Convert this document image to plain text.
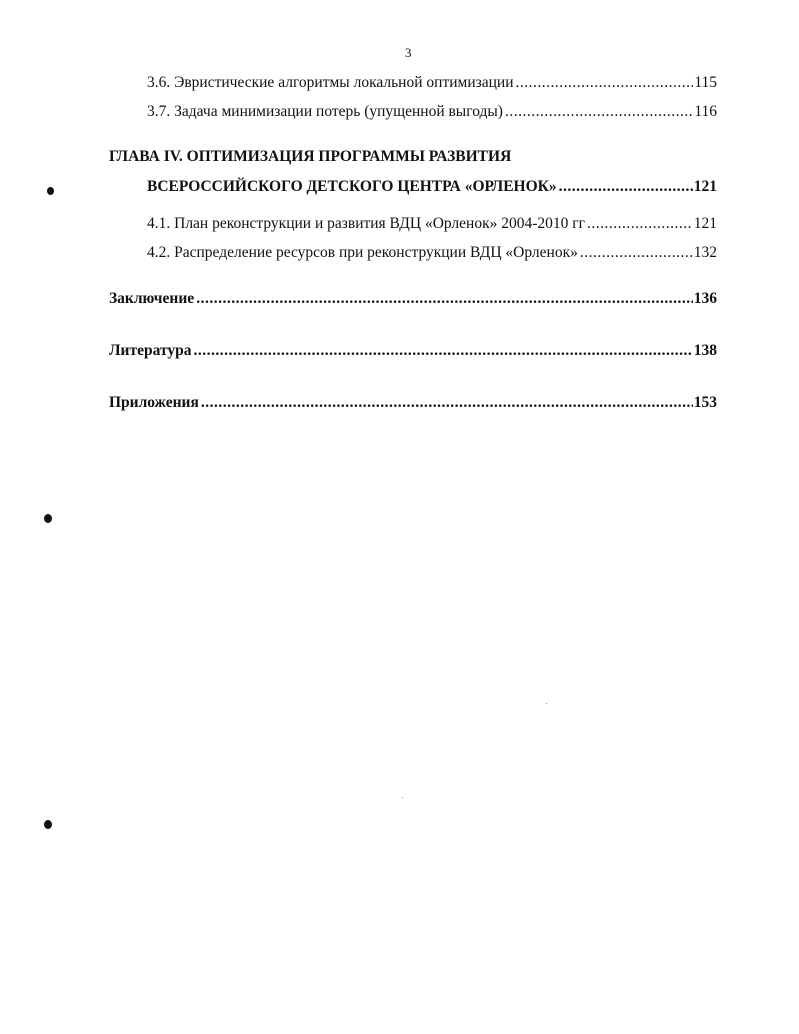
3
3.6. Эвристические алгоритмы локальной оптимизации .....	115
3.7. Задача минимизации потерь (упущенной выгоды) .....	116
ГЛАВА IV. ОПТИМИЗАЦИЯ ПРОГРАММЫ РАЗВИТИЯ
ВСЕРОССИЙСКОГО ДЕТСКОГО ЦЕНТРА «ОРЛЕНОК» .....	121
4.1. План реконструкции и развития ВДЦ «Орленок» 2004-2010 гг .....	121
4.2. Распределение ресурсов при реконструкции ВДЦ «Орленок» .....	132
Заключение .....	136
Литература .....	138
Приложения .....	153
